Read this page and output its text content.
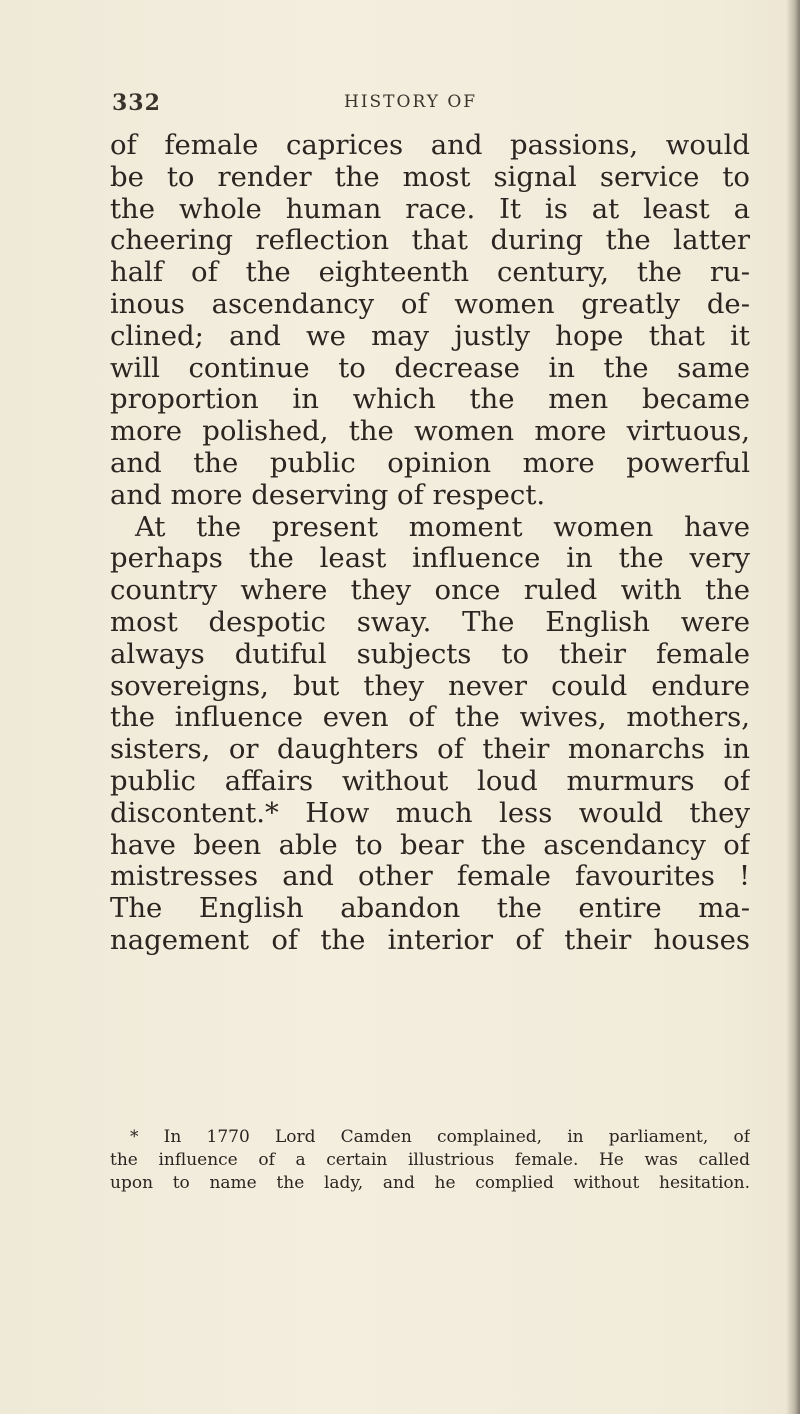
332	HISTORY OF
of female caprices and passions, would
be to render the most signal service to
the whole human race. It is at least a
cheering reflection that during the latter
half of the eighteenth century, the ru-
inous ascendancy of women greatly de-
clined; and we may justly hope that it
will continue to decrease in the same
proportion in which the men became
more polished, the women more virtuous,
and the public opinion more powerful
and more deserving of respect.
At the present moment women have
perhaps the least influence in the very
country where they once ruled with the
most despotic sway. The English were
always dutiful subjects to their female
sovereigns, but they never could endure
the influence even of the wives, mothers,
sisters, or daughters of their monarchs in
public affairs without loud murmurs of
discontent.* How much less would they
have been able to bear the ascendancy of
mistresses and other female favourites !
The English abandon the entire ma-
nagement of the interior of their houses
* In 1770 Lord Camden complained, in parliament, of
the influence of a certain illustrious female. He was called
upon to name the lady, and he complied without hesitation.
